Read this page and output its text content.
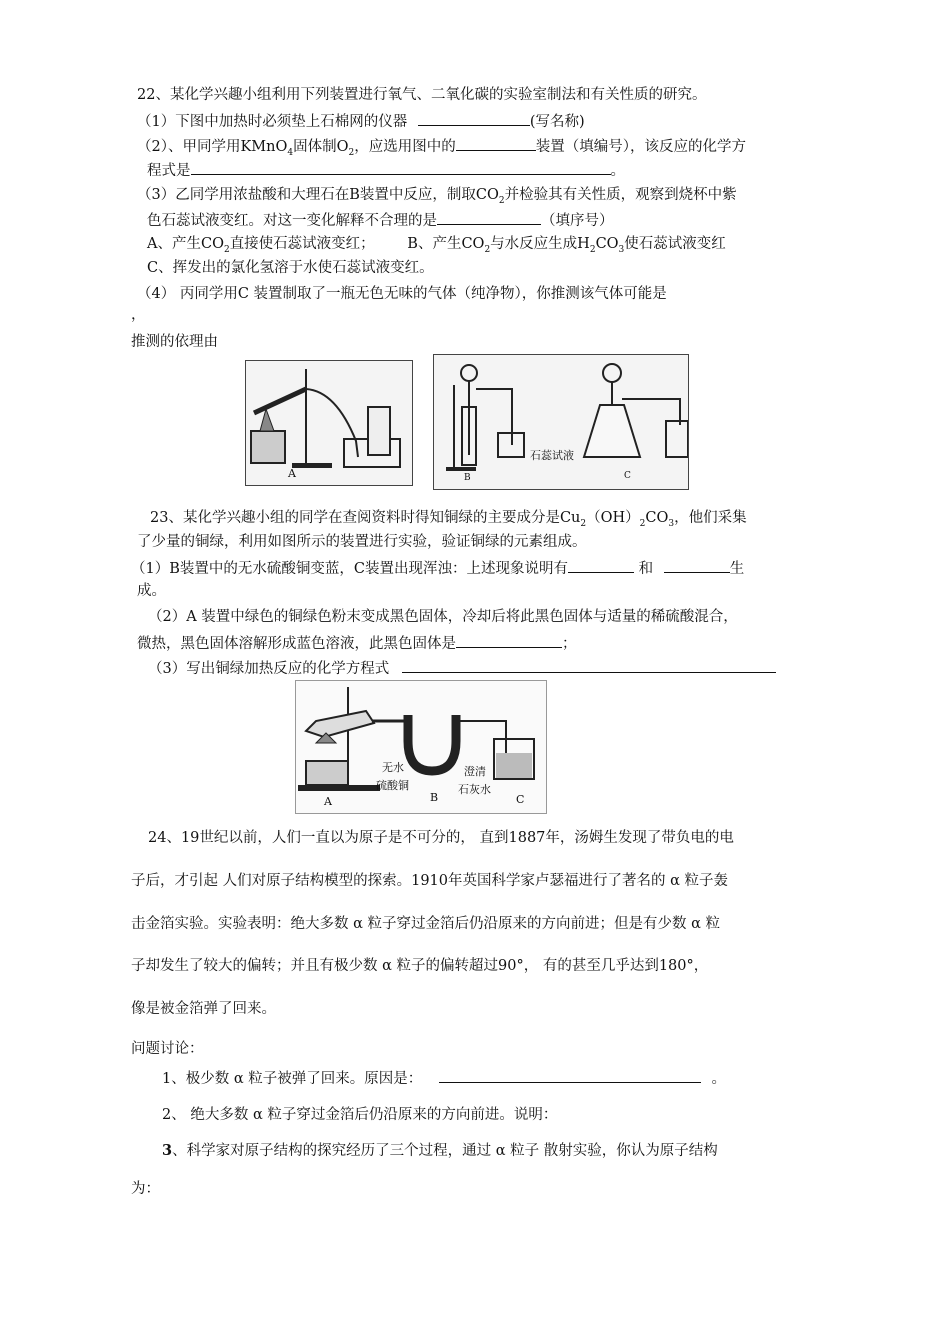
22、某化学兴趣小组利用下列装置进行氧气、二氧化碳的实验室制法和有关性质的研究。
（1）下图中加热时必须垫上石棉网的仪器	(写名称)
（2）、甲同学用KMnO$_4$固体制$O_2$，应选用图中的	装置（填编号），该反应的化学方
程式是	。
（3）乙同学用浓盐酸和大理石在B装置中反应，制取$CO_2$并检验其有关性质，观察到烧杯中紫
色石蕊试液变红。对这一变化解释不合理的是	（填序号）
A、产生$CO_2$直接使石蕊试液变红； B、产生$CO_2$与水反应生成$H_2CO_3$使石蕊试液变红
C、挥发出的氯化氢溶于水使石蕊试液变红。
（4） 丙同学用C 装置制取了一瓶无色无味的气体（纯净物），你推测该气体可能是
，
推测的依理由
A	B
石蕊试液
C
23、某化学兴趣小组的同学在查阅资料时得知铜绿的主要成分是$Cu_2(OH)_2CO_3$，他们采集
了少量的铜绿，利用如图所示的装置进行实验，验证铜绿的元素组成。
（1）B装置中的无水硫酸铜变蓝，C装置出现浑浊：上述现象说明有	和	生
成。
（2）A 装置中绿色的铜绿色粉末变成黑色固体，冷却后将此黑色固体与适量的稀硫酸混合，
微热，黑色固体溶解形成蓝色溶液，此黑色固体是	；
（3）写出铜绿加热反应的化学方程式
A	B	C
无水
硫酸铜
澄清
石灰水
24、19世纪以前，人们一直以为原子是不可分的， 直到1887年，汤姆生发现了带负电的电
子后，才引起 人们对原子结构模型的探索。1910年英国科学家卢瑟福进行了著名的 α 粒子轰
击金箔实验。实验表明：绝大多数 α 粒子穿过金箔后仍沿原来的方向前进；但是有少数 α 粒
子却发生了较大的偏转；并且有极少数 α 粒子的偏转超过90°， 有的甚至几乎达到180°，
像是被金箔弹了回来。
问题讨论：
1、极少数 α 粒子被弹了回来。原因是：	。
2、 绝大多数 α 粒子穿过金箔后仍沿原来的方向前进。说明：
3、科学家对原子结构的探究经历了三个过程，通过 α 粒子 散射实验，你认为原子结构
为：
